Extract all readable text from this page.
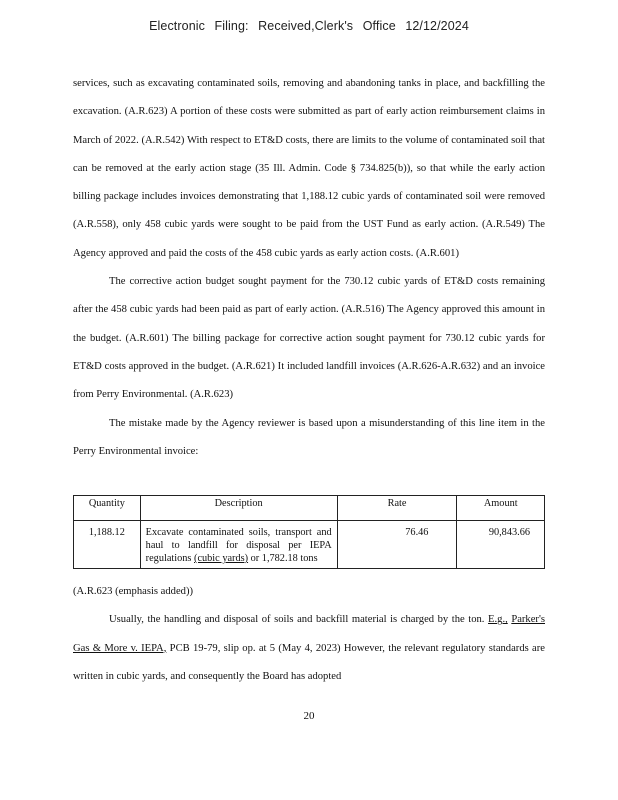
Electronic Filing: Received,Clerk's Office 12/12/2024

services, such as excavating contaminated soils, removing and abandoning tanks in place, and backfilling the excavation. (A.R.623) A portion of these costs were submitted as part of early action reimbursement claims in March of 2022. (A.R.542) With respect to ET&D costs, there are limits to the volume of contaminated soil that can be removed at the early action stage (35 Ill. Admin. Code § 734.825(b)), so that while the early action billing package includes invoices demonstrating that 1,188.12 cubic yards of contaminated soil were removed (A.R.558), only 458 cubic yards were sought to be paid from the UST Fund as early action. (A.R.549) The Agency approved and paid the costs of the 458 cubic yards as early action costs. (A.R.601)

The corrective action budget sought payment for the 730.12 cubic yards of ET&D costs remaining after the 458 cubic yards had been paid as part of early action. (A.R.516) The Agency approved this amount in the budget. (A.R.601) The billing package for corrective action sought payment for 730.12 cubic yards for ET&D costs approved in the budget. (A.R.621) It included landfill invoices (A.R.626-A.R.632) and an invoice from Perry Environmental. (A.R.623)

The mistake made by the Agency reviewer is based upon a misunderstanding of this line item in the Perry Environmental invoice:

Quantity	Description	Rate	Amount
1,188.12	Excavate contaminated soils, transport and haul to landfill for disposal per IEPA regulations (cubic yards) or 1,782.18 tons	76.46	90,843.66

(A.R.623 (emphasis added))

Usually, the handling and disposal of soils and backfill material is charged by the ton. E.g., Parker's Gas & More v. IEPA, PCB 19-79, slip op. at 5 (May 4, 2023) However, the relevant regulatory standards are written in cubic yards, and consequently the Board has adopted

20
